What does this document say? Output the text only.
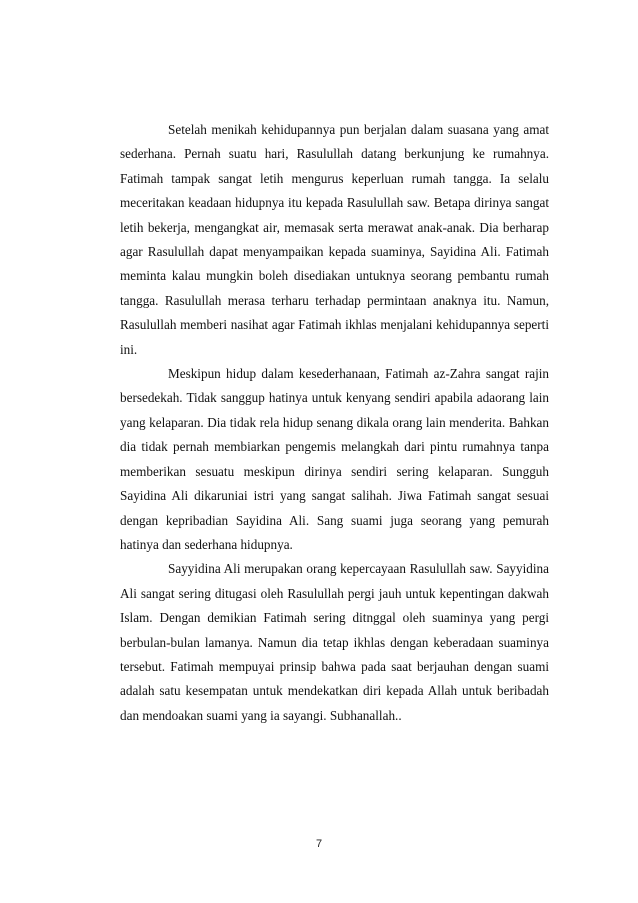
Setelah menikah kehidupannya pun berjalan dalam suasana yang amat sederhana. Pernah suatu hari, Rasulullah datang berkunjung ke rumahnya. Fatimah tampak sangat letih mengurus keperluan rumah tangga. Ia selalu meceritakan keadaan hidupnya itu kepada Rasulullah saw. Betapa dirinya sangat letih bekerja, mengangkat air, memasak serta merawat anak-anak. Dia berharap agar Rasulullah dapat menyampaikan kepada suaminya, Sayidina Ali. Fatimah meminta kalau mungkin boleh disediakan untuknya seorang pembantu rumah tangga. Rasulullah merasa terharu terhadap permintaan anaknya itu. Namun, Rasulullah memberi nasihat agar Fatimah ikhlas menjalani kehidupannya seperti ini.

Meskipun hidup dalam kesederhanaan, Fatimah az-Zahra sangat rajin bersedekah. Tidak sanggup hatinya untuk kenyang sendiri apabila adaorang lain yang kelaparan. Dia tidak rela hidup senang dikala orang lain menderita. Bahkan dia tidak pernah membiarkan pengemis melangkah dari pintu rumahnya tanpa memberikan sesuatu meskipun dirinya sendiri sering kelaparan. Sungguh Sayidina Ali dikaruniai istri yang sangat salihah. Jiwa Fatimah sangat sesuai dengan kepribadian Sayidina Ali. Sang suami juga seorang yang pemurah hatinya dan sederhana hidupnya.

Sayyidina Ali merupakan orang kepercayaan Rasulullah saw. Sayyidina Ali sangat sering ditugasi oleh Rasulullah pergi jauh untuk kepentingan dakwah Islam. Dengan demikian Fatimah sering ditnggal oleh suaminya yang pergi berbulan-bulan lamanya. Namun dia tetap ikhlas dengan keberadaan suaminya tersebut. Fatimah mempuyai prinsip bahwa pada saat berjauhan dengan suami adalah satu kesempatan untuk mendekatkan diri kepada Allah untuk beribadah dan mendoakan suami yang ia sayangi. Subhanallah..

7
